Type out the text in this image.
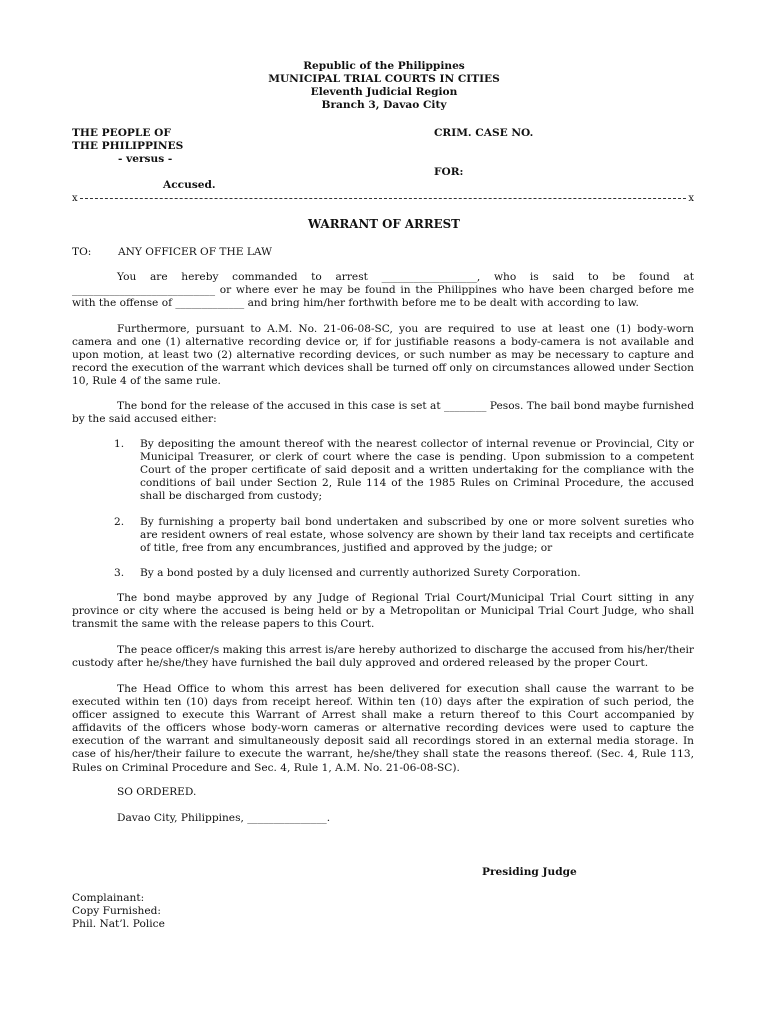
Republic of the Philippines
MUNICIPAL TRIAL COURTS IN CITIES
Eleventh Judicial Region
Branch 3, Davao City
THE PEOPLE OF
THE PHILIPPINES
- versus -
Accused.
CRIM. CASE NO.
FOR:
x	x
WARRANT OF ARREST
TO:	ANY OFFICER OF THE LAW
You are hereby commanded to arrest __________________, who is said to be found at ___________________________ or where ever he may be found in the Philippines who have been charged before me with the offense of _____________ and bring him/her forthwith before me to be dealt with according to law.
Furthermore, pursuant to A.M. No. 21-06-08-SC, you are required to use at least one (1) body-worn camera and one (1) alternative recording device or, if for justifiable reasons a body-camera is not available and upon motion, at least two (2) alternative recording devices, or such number as may be necessary to capture and record the execution of the warrant which devices shall be turned off only on circumstances allowed under Section 10, Rule 4 of the same rule.
The bond for the release of the accused in this case is set at ________ Pesos. The bail bond maybe furnished by the said accused either:
1.	By depositing the amount thereof with the nearest collector of internal revenue or Provincial, City or Municipal Treasurer, or clerk of court where the case is pending. Upon submission to a competent Court of the proper certificate of said deposit and a written undertaking for the compliance with the conditions of bail under Section 2, Rule 114 of the 1985 Rules on Criminal Procedure, the accused shall be discharged from custody;
2.	By furnishing a property bail bond undertaken and subscribed by one or more solvent sureties who are resident owners of real estate, whose solvency are shown by their land tax receipts and certificate of title, free from any encumbrances, justified and approved by the judge; or
3.	By a bond posted by a duly licensed and currently authorized Surety Corporation.
The bond maybe approved by any Judge of Regional Trial Court/Municipal Trial Court sitting in any province or city where the accused is being held or by a Metropolitan or Municipal Trial Court Judge, who shall transmit the same with the release papers to this Court.
The peace officer/s making this arrest is/are hereby authorized to discharge the accused from his/her/their custody after he/she/they have furnished the bail duly approved and ordered released by the proper Court.
The Head Office to whom this arrest has been delivered for execution shall cause the warrant to be executed within ten (10) days from receipt hereof. Within ten (10) days after the expiration of such period, the officer assigned to execute this Warrant of Arrest shall make a return thereof to this Court accompanied by affidavits of the officers whose body-worn cameras or alternative recording devices were used to capture the execution of the warrant and simultaneously deposit said all recordings stored in an external media storage. In case of his/her/their failure to execute the warrant, he/she/they shall state the reasons thereof. (Sec. 4, Rule 113, Rules on Criminal Procedure and Sec. 4, Rule 1, A.M. No. 21-06-08-SC).
SO ORDERED.
Davao City, Philippines, _______________.
Presiding Judge
Complainant:
Copy Furnished:
Phil. Nat’l. Police
